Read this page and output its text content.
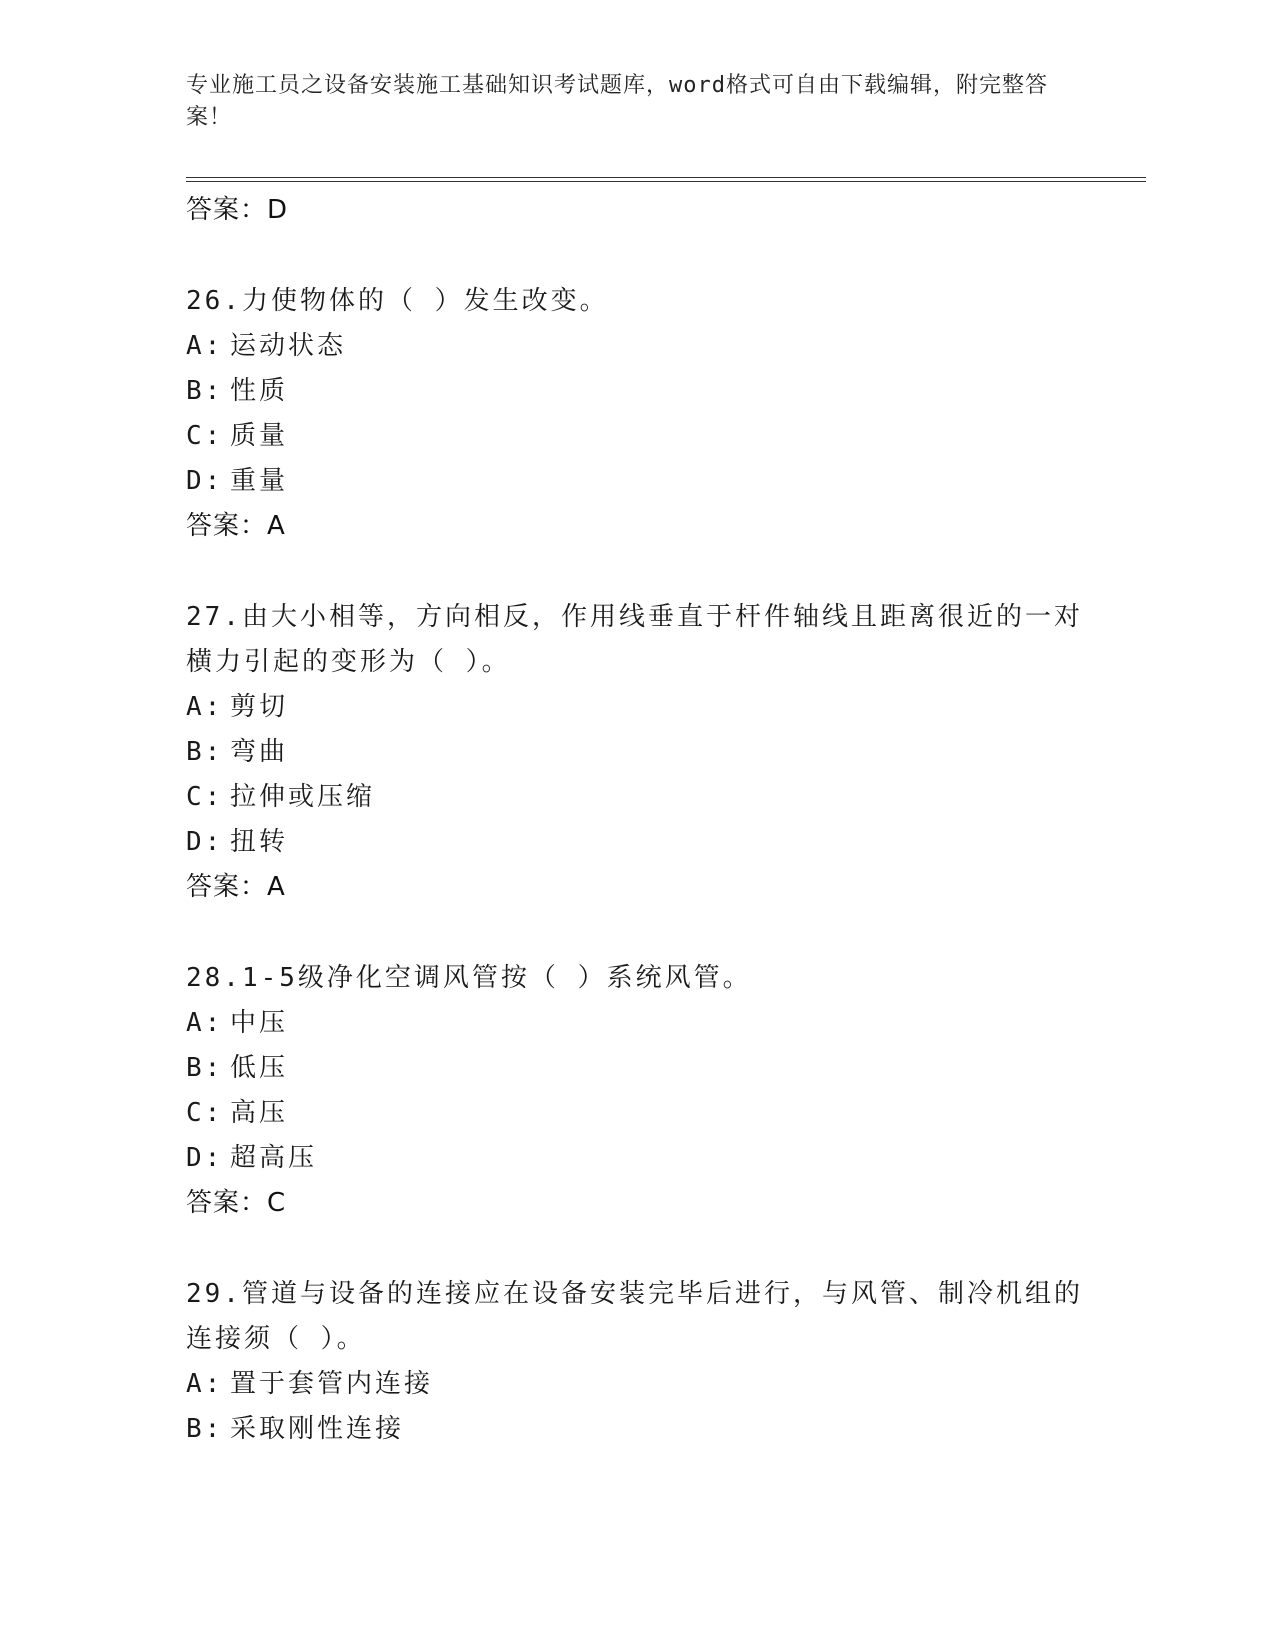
专业施工员之设备安装施工基础知识考试题库，word格式可自由下载编辑，附完整答案！
答案：D
26.力使物体的（ ）发生改变。
A: 运动状态
B: 性质
C: 质量
D: 重量
答案：A
27.由大小相等，方向相反，作用线垂直于杆件轴线且距离很近的一对横力引起的变形为（ ）。
A: 剪切
B: 弯曲
C: 拉伸或压缩
D: 扭转
答案：A
28.1-5级净化空调风管按（ ）系统风管。
A: 中压
B: 低压
C: 高压
D: 超高压
答案：C
29.管道与设备的连接应在设备安装完毕后进行，与风管、制冷机组的连接须（ ）。
A: 置于套管内连接
B: 采取刚性连接
